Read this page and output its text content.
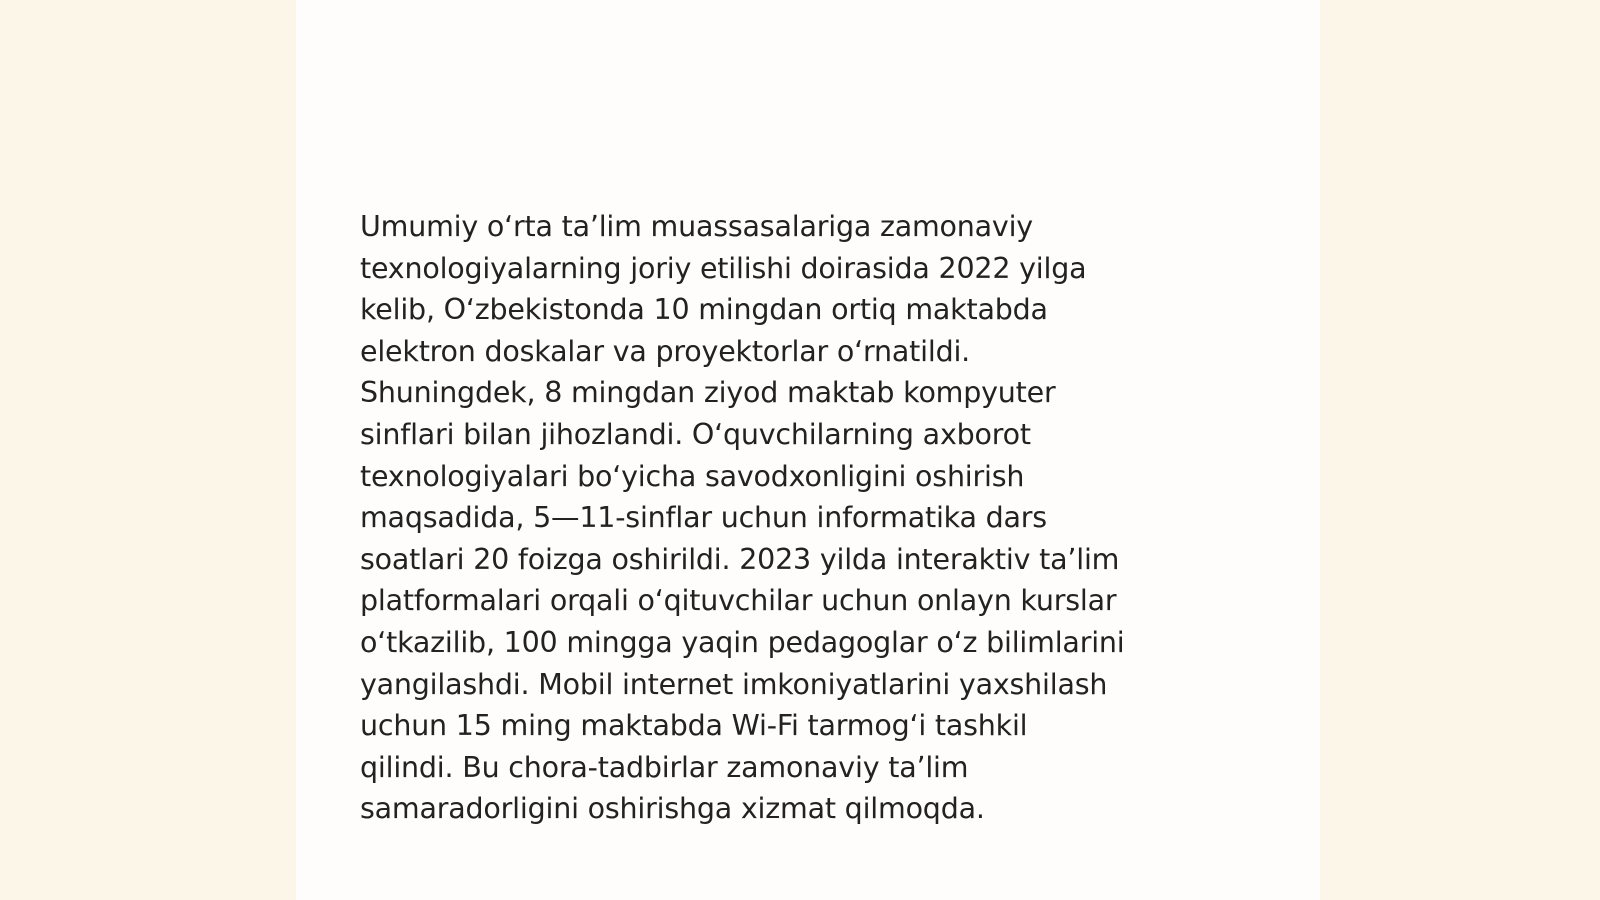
Umumiy oʻrta taʼlim muassasalariga zamonaviy
texnologiyalarning joriy etilishi doirasida 2022 yilga
kelib, Oʻzbekistonda 10 mingdan ortiq maktabda
elektron doskalar va proyektorlar oʻrnatildi.
Shuningdek, 8 mingdan ziyod maktab kompyuter
sinflari bilan jihozlandi. Oʻquvchilarning axborot
texnologiyalari boʻyicha savodxonligini oshirish
maqsadida, 5—11-sinflar uchun informatika dars
soatlari 20 foizga oshirildi. 2023 yilda interaktiv taʼlim
platformalari orqali oʻqituvchilar uchun onlayn kurslar
oʻtkazilib, 100 mingga yaqin pedagoglar oʻz bilimlarini
yangilashdi. Mobil internet imkoniyatlarini yaxshilash
uchun 15 ming maktabda Wi-Fi tarmogʻi tashkil
qilindi. Bu chora-tadbirlar zamonaviy taʼlim
samaradorligini oshirishga xizmat qilmoqda.
